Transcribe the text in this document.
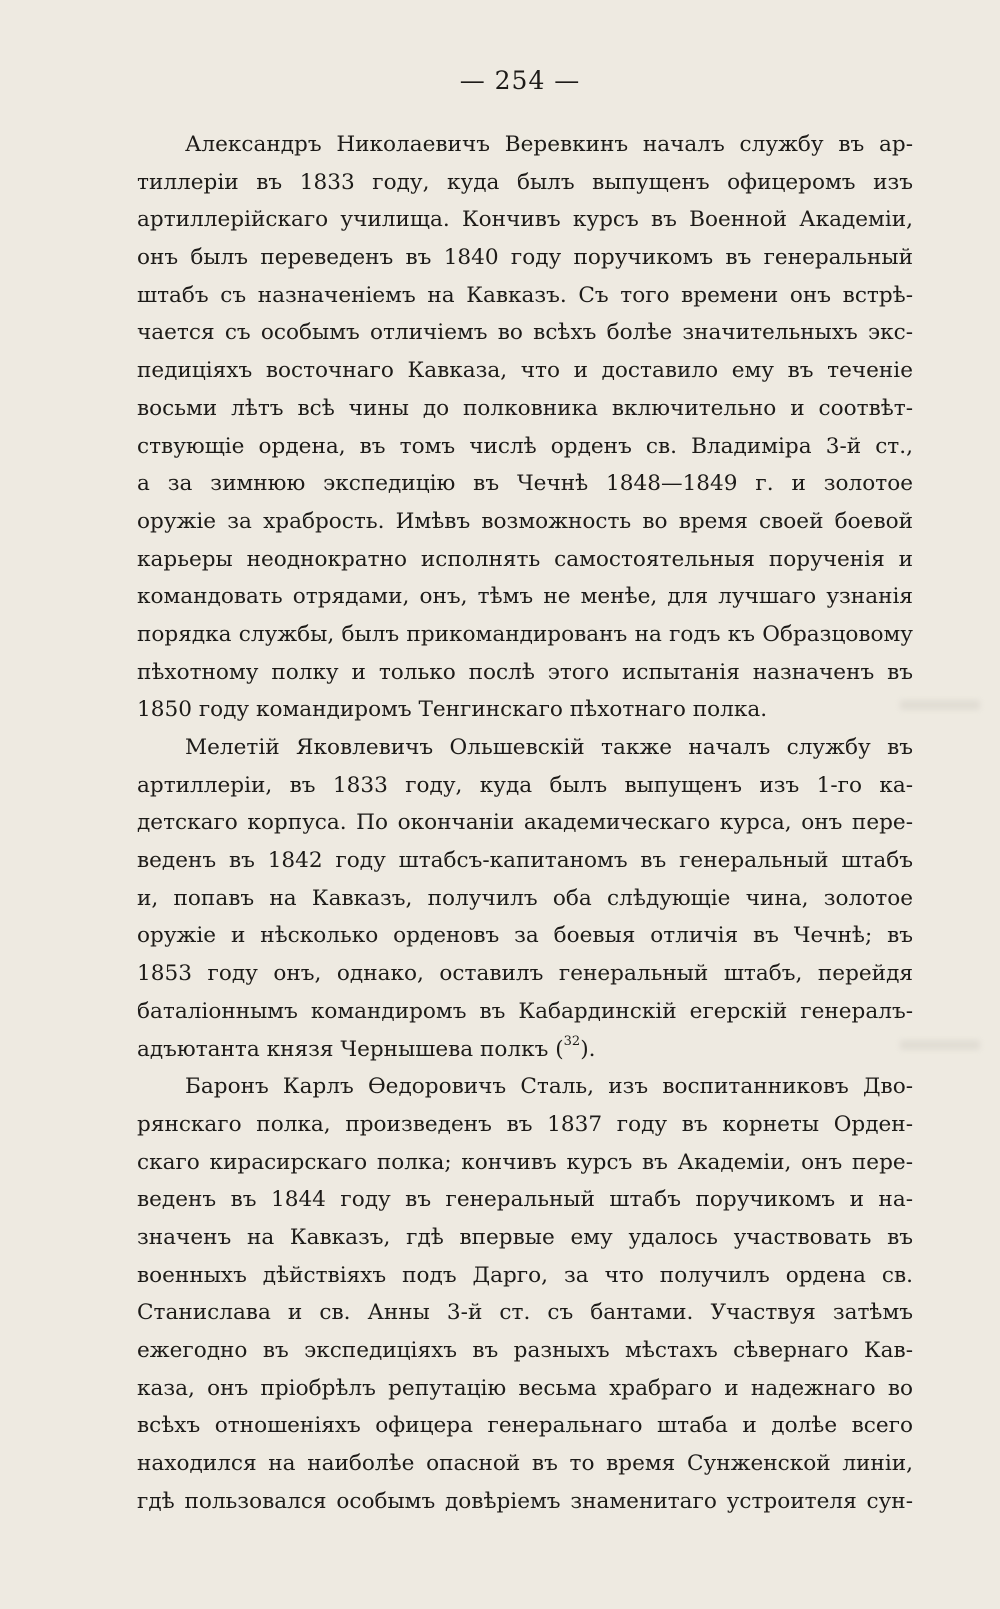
— 254 —
Александръ Николаевичъ Веревкинъ началъ службу въ ар-
тиллеріи въ 1833 году, куда былъ выпущенъ офицеромъ изъ
артиллерійскаго училища. Кончивъ курсъ въ Военной Академіи,
онъ былъ переведенъ въ 1840 году поручикомъ въ генеральный
штабъ съ назначеніемъ на Кавказъ. Съ того времени онъ встрѣ-
чается съ особымъ отличіемъ во всѣхъ болѣе значительныхъ экс-
педиціяхъ восточнаго Кавказа, что и доставило ему въ теченіе
восьми лѣтъ всѣ чины до полковника включительно и соотвѣт-
ствующіе ордена, въ томъ числѣ орденъ св. Владиміра 3-й ст.,
а за зимнюю экспедицію въ Чечнѣ 1848—1849 г. и золотое
оружіе за храбрость. Имѣвъ возможность во время своей боевой
карьеры неоднократно исполнять самостоятельныя порученія и
командовать отрядами, онъ, тѣмъ не менѣе, для лучшаго узнанія
порядка службы, былъ прикомандированъ на годъ къ Образцовому
пѣхотному полку и только послѣ этого испытанія назначенъ въ
1850 году командиромъ Тенгинскаго пѣхотнаго полка.
Мелетій Яковлевичъ Ольшевскій также началъ службу въ
артиллеріи, въ 1833 году, куда былъ выпущенъ изъ 1-го ка-
детскаго корпуса. По окончаніи академическаго курса, онъ пере-
веденъ въ 1842 году штабсъ-капитаномъ въ генеральный штабъ
и, попавъ на Кавказъ, получилъ оба слѣдующіе чина, золотое
оружіе и нѣсколько орденовъ за боевыя отличія въ Чечнѣ; въ
1853 году онъ, однако, оставилъ генеральный штабъ, перейдя
баталіоннымъ командиромъ въ Кабардинскій егерскій генералъ-
адъютанта князя Чернышева полкъ ($^{32}$).
Баронъ Карлъ Ѳедоровичъ Сталь, изъ воспитанниковъ Дво-
рянскаго полка, произведенъ въ 1837 году въ корнеты Орден-
скаго кирасирскаго полка; кончивъ курсъ въ Академіи, онъ пере-
веденъ въ 1844 году въ генеральный штабъ поручикомъ и на-
значенъ на Кавказъ, гдѣ впервые ему удалось участвовать въ
военныхъ дѣйствіяхъ подъ Дарго, за что получилъ ордена св.
Станислава и св. Анны 3-й ст. съ бантами. Участвуя затѣмъ
ежегодно въ экспедиціяхъ въ разныхъ мѣстахъ сѣвернаго Кав-
каза, онъ пріобрѣлъ репутацію весьма храбраго и надежнаго во
всѣхъ отношеніяхъ офицера генеральнаго штаба и долѣе всего
находился на наиболѣе опасной въ то время Сунженской линіи,
гдѣ пользовался особымъ довѣріемъ знаменитаго устроителя сун-
